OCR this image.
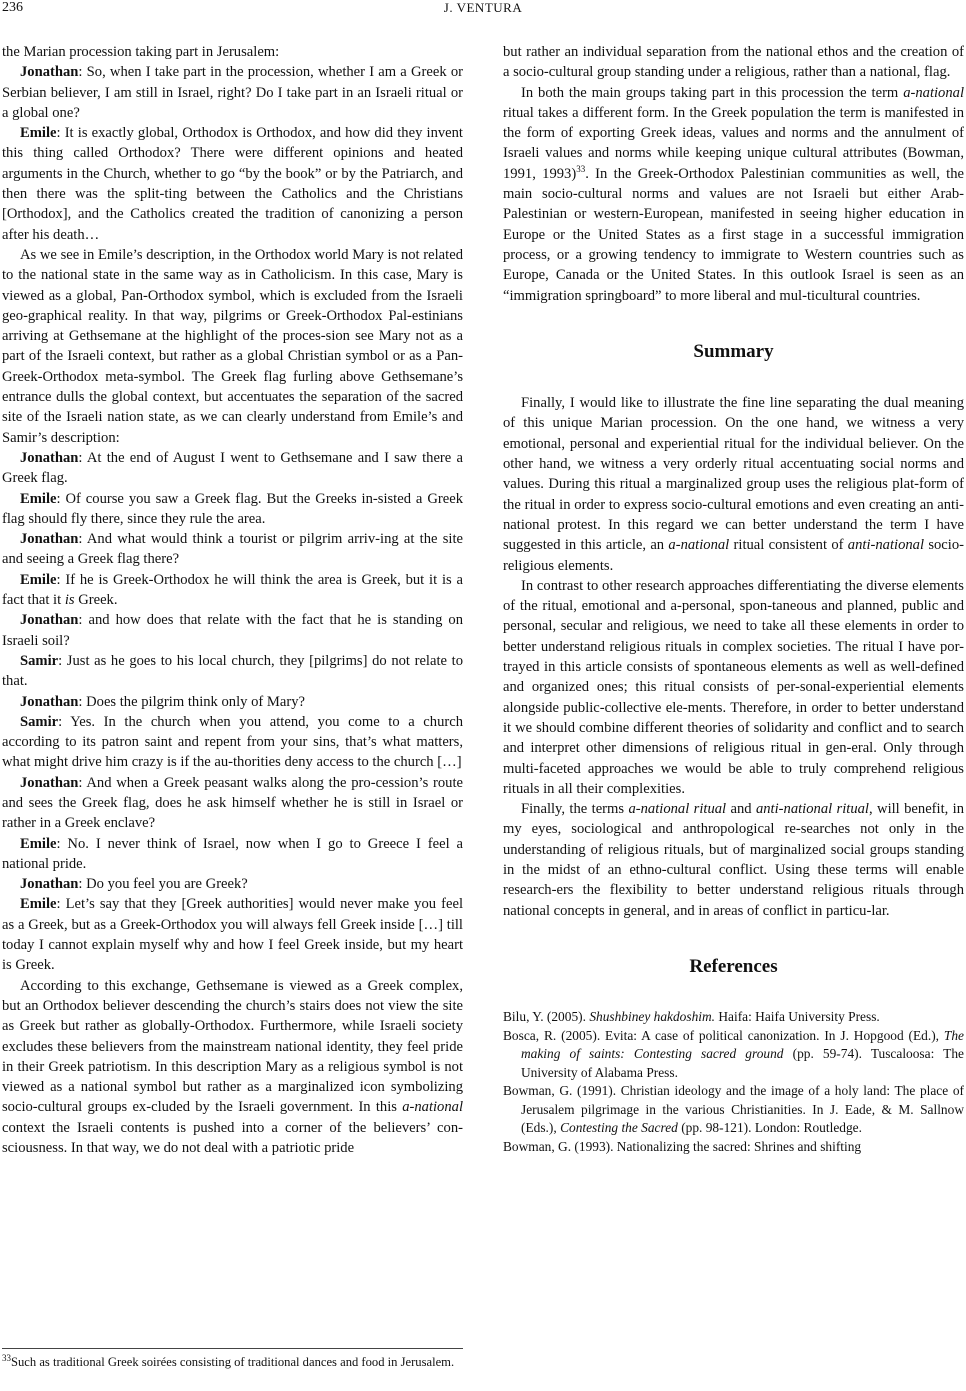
236	J. VENTURA

the Marian procession taking part in Jerusalem:

Jonathan: So, when I take part in the procession, whether I am a Greek or Serbian believer, I am still in Israel, right? Do I take part in an Israeli ritual or a global one?

Emile: It is exactly global, Orthodox is Orthodox, and how did they invent this thing called Orthodox? There were different opinions and heated arguments in the Church, whether to go “by the book” or by the Patriarch, and then there was the split-ting between the Catholics and the Christians [Orthodox], and the Catholics created the tradition of canonizing a person after his death…

As we see in Emile’s description, in the Orthodox world Mary is not related to the national state in the same way as in Catholicism. In this case, Mary is viewed as a global, Pan-Orthodox symbol, which is excluded from the Israeli geo-graphical reality. In that way, pilgrims or Greek-Orthodox Pal-estinians arriving at Gethsemane at the highlight of the proces-sion see Mary not as a part of the Israeli context, but rather as a global Christian symbol or as a Pan-Greek-Orthodox meta-symbol. The Greek flag furling above Gethsemane’s entrance dulls the global context, but accentuates the separation of the sacred site of the Israeli nation state, as we can clearly understand from Emile’s and Samir’s description:

Jonathan: At the end of August I went to Gethsemane and I saw there a Greek flag.

Emile: Of course you saw a Greek flag. But the Greeks in-sisted a Greek flag should fly there, since they rule the area.

Jonathan: And what would think a tourist or pilgrim arriv-ing at the site and seeing a Greek flag there?

Emile: If he is Greek-Orthodox he will think the area is Greek, but it is a fact that it is Greek.

Jonathan: and how does that relate with the fact that he is standing on Israeli soil?

Samir: Just as he goes to his local church, they [pilgrims] do not relate to that.

Jonathan: Does the pilgrim think only of Mary?

Samir: Yes. In the church when you attend, you come to a church according to its patron saint and repent from your sins, that’s what matters, what might drive him crazy is if the au-thorities deny access to the church […]

Jonathan: And when a Greek peasant walks along the pro-cession’s route and sees the Greek flag, does he ask himself whether he is still in Israel or rather in a Greek enclave?

Emile: No. I never think of Israel, now when I go to Greece I feel a national pride.

Jonathan: Do you feel you are Greek?

Emile: Let’s say that they [Greek authorities] would never make you feel as a Greek, but as a Greek-Orthodox you will always fell Greek inside […] till today I cannot explain myself why and how I feel Greek inside, but my heart is Greek.

According to this exchange, Gethsemane is viewed as a Greek complex, but an Orthodox believer descending the church’s stairs does not view the site as Greek but rather as globally-Orthodox. Furthermore, while Israeli society excludes these believers from the mainstream national identity, they feel pride in their Greek patriotism. In this description Mary as a religious symbol is not viewed as a national symbol but rather as a marginalized icon symbolizing socio-cultural groups ex-cluded by the Israeli government. In this a-national context the Israeli contents is pushed into a corner of the believers’ con-sciousness. In that way, we do not deal with a patriotic pride

but rather an individual separation from the national ethos and the creation of a socio-cultural group standing under a religious, rather than a national, flag.

In both the main groups taking part in this procession the term a-national ritual takes a different form. In the Greek population the term is manifested in the form of exporting Greek ideas, values and norms and the annulment of Israeli values and norms while keeping unique cultural attributes (Bowman, 1991, 1993)$^{33}$. In the Greek-Orthodox Palestinian communities as well, the main socio-cultural norms and values are not Israeli but either Arab-Palestinian or western-European, manifested in seeing higher education in Europe or the United States as a first stage in a successful immigration process, or a growing tendency to immigrate to Western countries such as Europe, Canada or the United States. In this outlook Israel is seen as an “immigration springboard” to more liberal and mul-ticultural countries.

Summary

Finally, I would like to illustrate the fine line separating the dual meaning of this unique Marian procession. On the one hand, we witness a very emotional, personal and experiential ritual for the individual believer. On the other hand, we witness a very orderly ritual accentuating social norms and values. During this ritual a marginalized group uses the religious plat-form of the ritual in order to express socio-cultural emotions and even creating an anti-national protest. In this regard we can better understand the term I have suggested in this article, an a-national ritual consistent of anti-national socio-religious elements.

In contrast to other research approaches differentiating the diverse elements of the ritual, emotional and a-personal, spon-taneous and planned, public and personal, secular and religious, we need to take all these elements in order to better understand religious rituals in complex societies. The ritual I have por-trayed in this article consists of spontaneous elements as well as well-defined and organized ones; this ritual consists of per-sonal-experiential elements alongside public-collective ele-ments. Therefore, in order to better understand it we should combine different theories of solidarity and conflict and to search and interpret other dimensions of religious ritual in gen-eral. Only through multi-faceted approaches we would be able to truly comprehend religious rituals in all their complexities.

Finally, the terms a-national ritual and anti-national ritual, will benefit, in my eyes, sociological and anthropological re-searches not only in the understanding of religious rituals, but of marginalized social groups standing in the midst of an ethno-cultural conflict. Using these terms will enable research-ers the flexibility to better understand religious rituals through national concepts in general, and in areas of conflict in particu-lar.

References

Bilu, Y. (2005). Shushbiney hakdoshim. Haifa: Haifa University Press.

Bosca, R. (2005). Evita: A case of political canonization. In J. Hopgood (Ed.), The making of saints: Contesting sacred ground (pp. 59-74). Tuscaloosa: The University of Alabama Press.

Bowman, G. (1991). Christian ideology and the image of a holy land: The place of Jerusalem pilgrimage in the various Christianities. In J. Eade, & M. Sallnow (Eds.), Contesting the Sacred (pp. 98-121). London: Routledge.

Bowman, G. (1993). Nationalizing the sacred: Shrines and shifting

$^{33}$Such as traditional Greek soirées consisting of traditional dances and food in Jerusalem.
